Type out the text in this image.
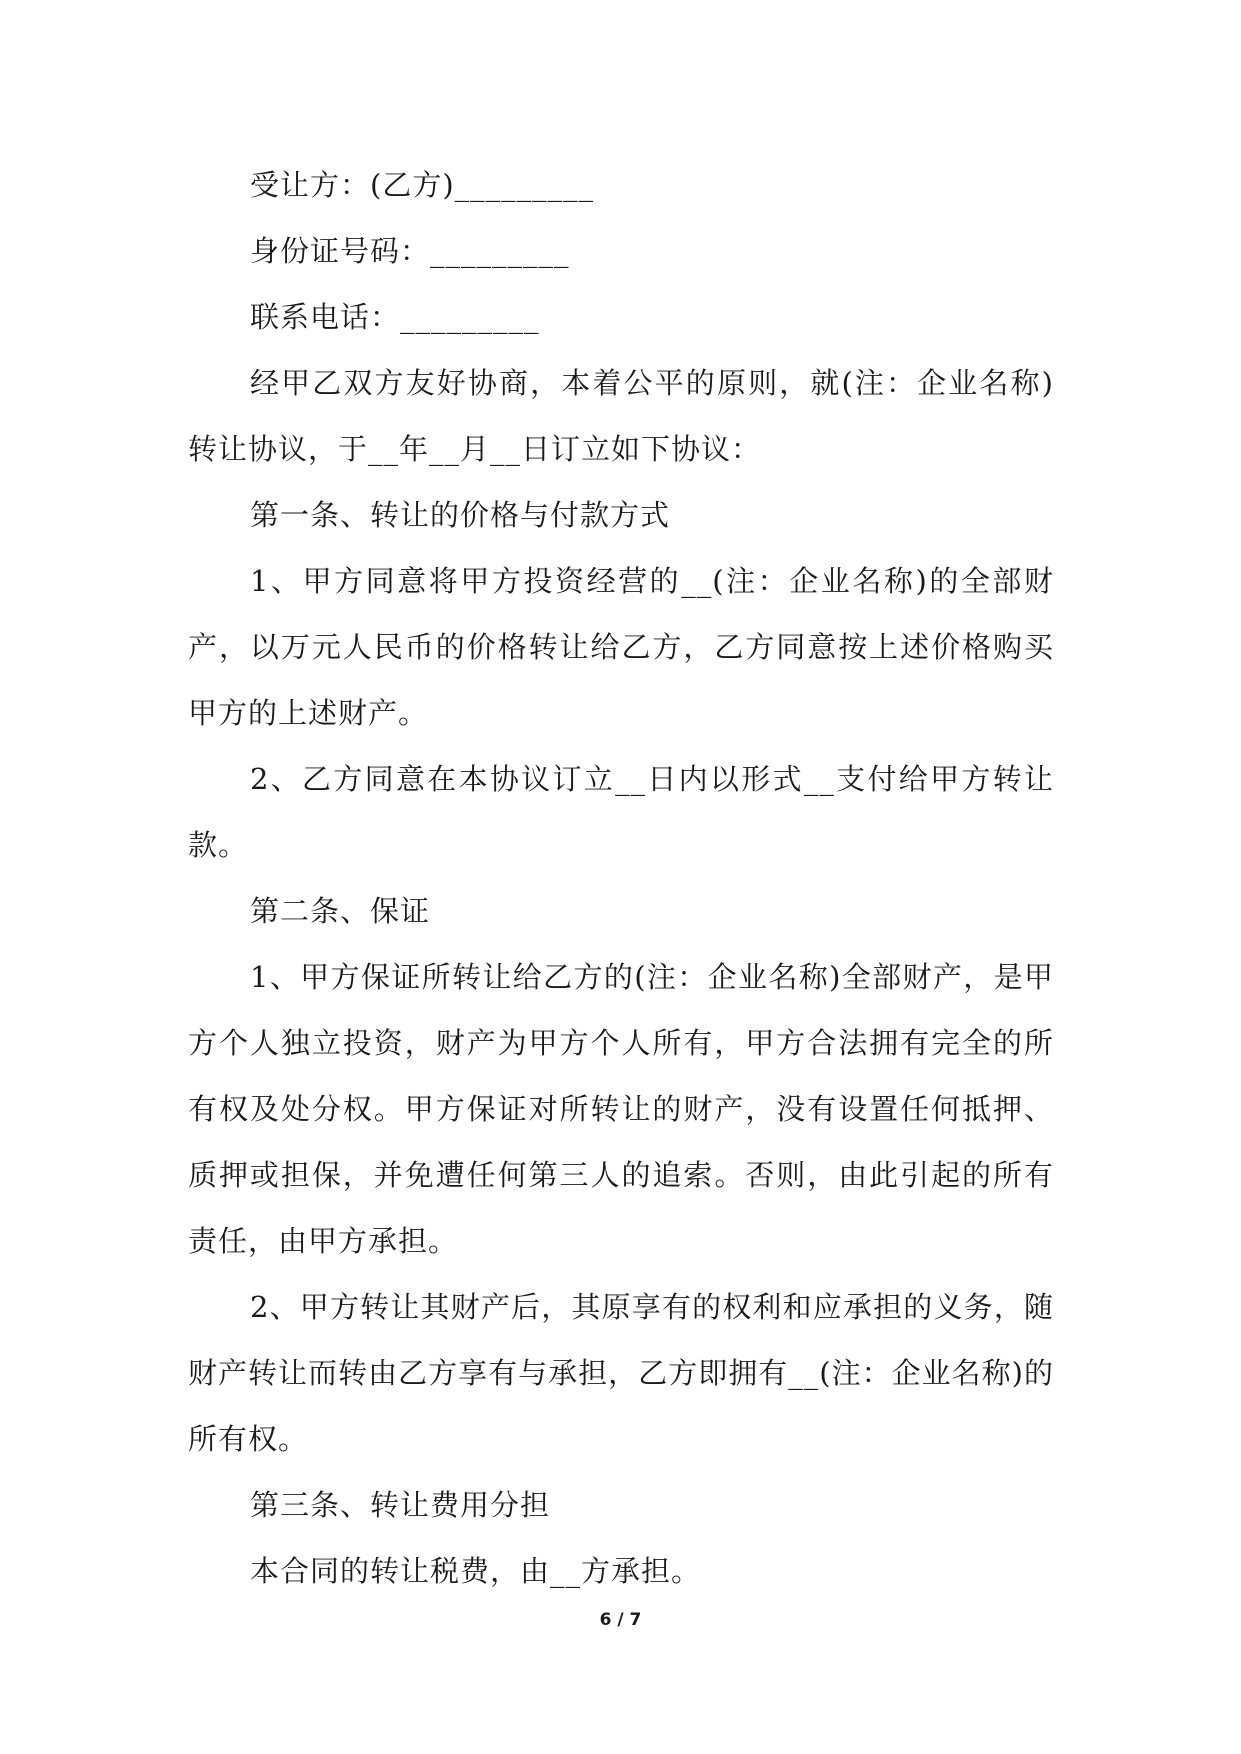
受让方：(乙方)_________

身份证号码：_________

联系电话：_________

经甲乙双方友好协商，本着公平的原则，就(注：企业名称)转让协议，于__年__月__日订立如下协议：

第一条、转让的价格与付款方式

1、甲方同意将甲方投资经营的__(注：企业名称)的全部财产，以万元人民币的价格转让给乙方，乙方同意按上述价格购买甲方的上述财产。

2、乙方同意在本协议订立__日内以形式__支付给甲方转让款。

第二条、保证

1、甲方保证所转让给乙方的(注：企业名称)全部财产，是甲方个人独立投资，财产为甲方个人所有，甲方合法拥有完全的所有权及处分权。甲方保证对所转让的财产，没有设置任何抵押、质押或担保，并免遭任何第三人的追索。否则，由此引起的所有责任，由甲方承担。

2、甲方转让其财产后，其原享有的权利和应承担的义务，随财产转让而转由乙方享有与承担，乙方即拥有__(注：企业名称)的所有权。

第三条、转让费用分担

本合同的转让税费，由__方承担。

6 / 7
